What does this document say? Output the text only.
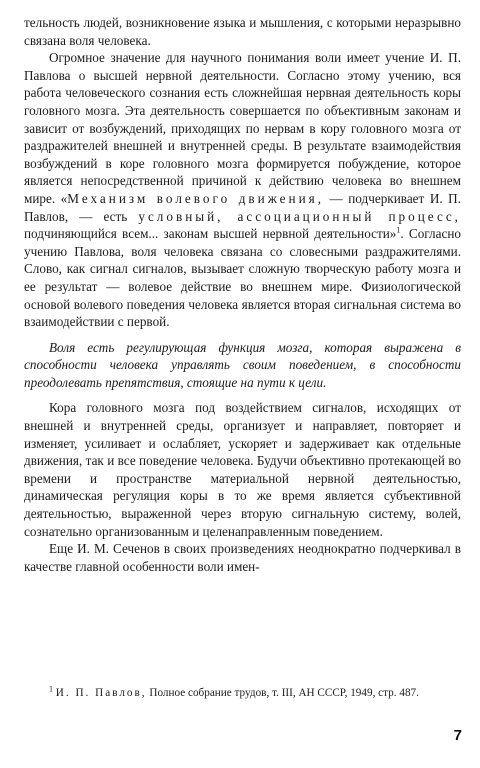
тельность людей, возникновение языка и мышления, с которыми неразрывно связана воля человека.

Огромное значение для научного понимания воли имеет учение И. П. Павлова о высшей нервной деятельности. Согласно этому учению, вся работа человеческого сознания есть сложнейшая нервная деятельность коры головного мозга. Эта деятельность совершается по объективным законам и зависит от возбуждений, приходящих по нервам в кору головного мозга от раздражителей внешней и внутренней среды. В результате взаимодействия возбуждений в коре головного мозга формируется побуждение, которое является непосредственной причиной к действию человека во внешнем мире. «Механизм волевого движения, — подчеркивает И. П. Павлов, — есть условный, ассоциационный процесс, подчиняющийся всем... законам высшей нервной деятельности»$^1$. Согласно учению Павлова, воля человека связана со словесными раздражителями. Слово, как сигнал сигналов, вызывает сложную творческую работу мозга и ее результат — волевое действие во внешнем мире. Физиологической основой волевого поведения человека является вторая сигнальная система во взаимодействии с первой.

Воля есть регулирующая функция мозга, которая выражена в способности человека управлять своим поведением, в способности преодолевать препятствия, стоящие на пути к цели.

Кора головного мозга под воздействием сигналов, исходящих от внешней и внутренней среды, организует и направляет, повторяет и изменяет, усиливает и ослабляет, ускоряет и задерживает как отдельные движения, так и все поведение человека. Будучи объективно протекающей во времени и пространстве материальной нервной деятельностью, динамическая регуляция коры в то же время является субъективной деятельностью, выраженной через вторую сигнальную систему, волей, сознательно организованным и целенаправленным поведением.

Еще И. М. Сеченов в своих произведениях неоднократно подчеркивал в качестве главной особенности воли имен-

$^1$ И. П. Павлов, Полное собрание трудов, т. III, АН СССР, 1949, стр. 487.
7
